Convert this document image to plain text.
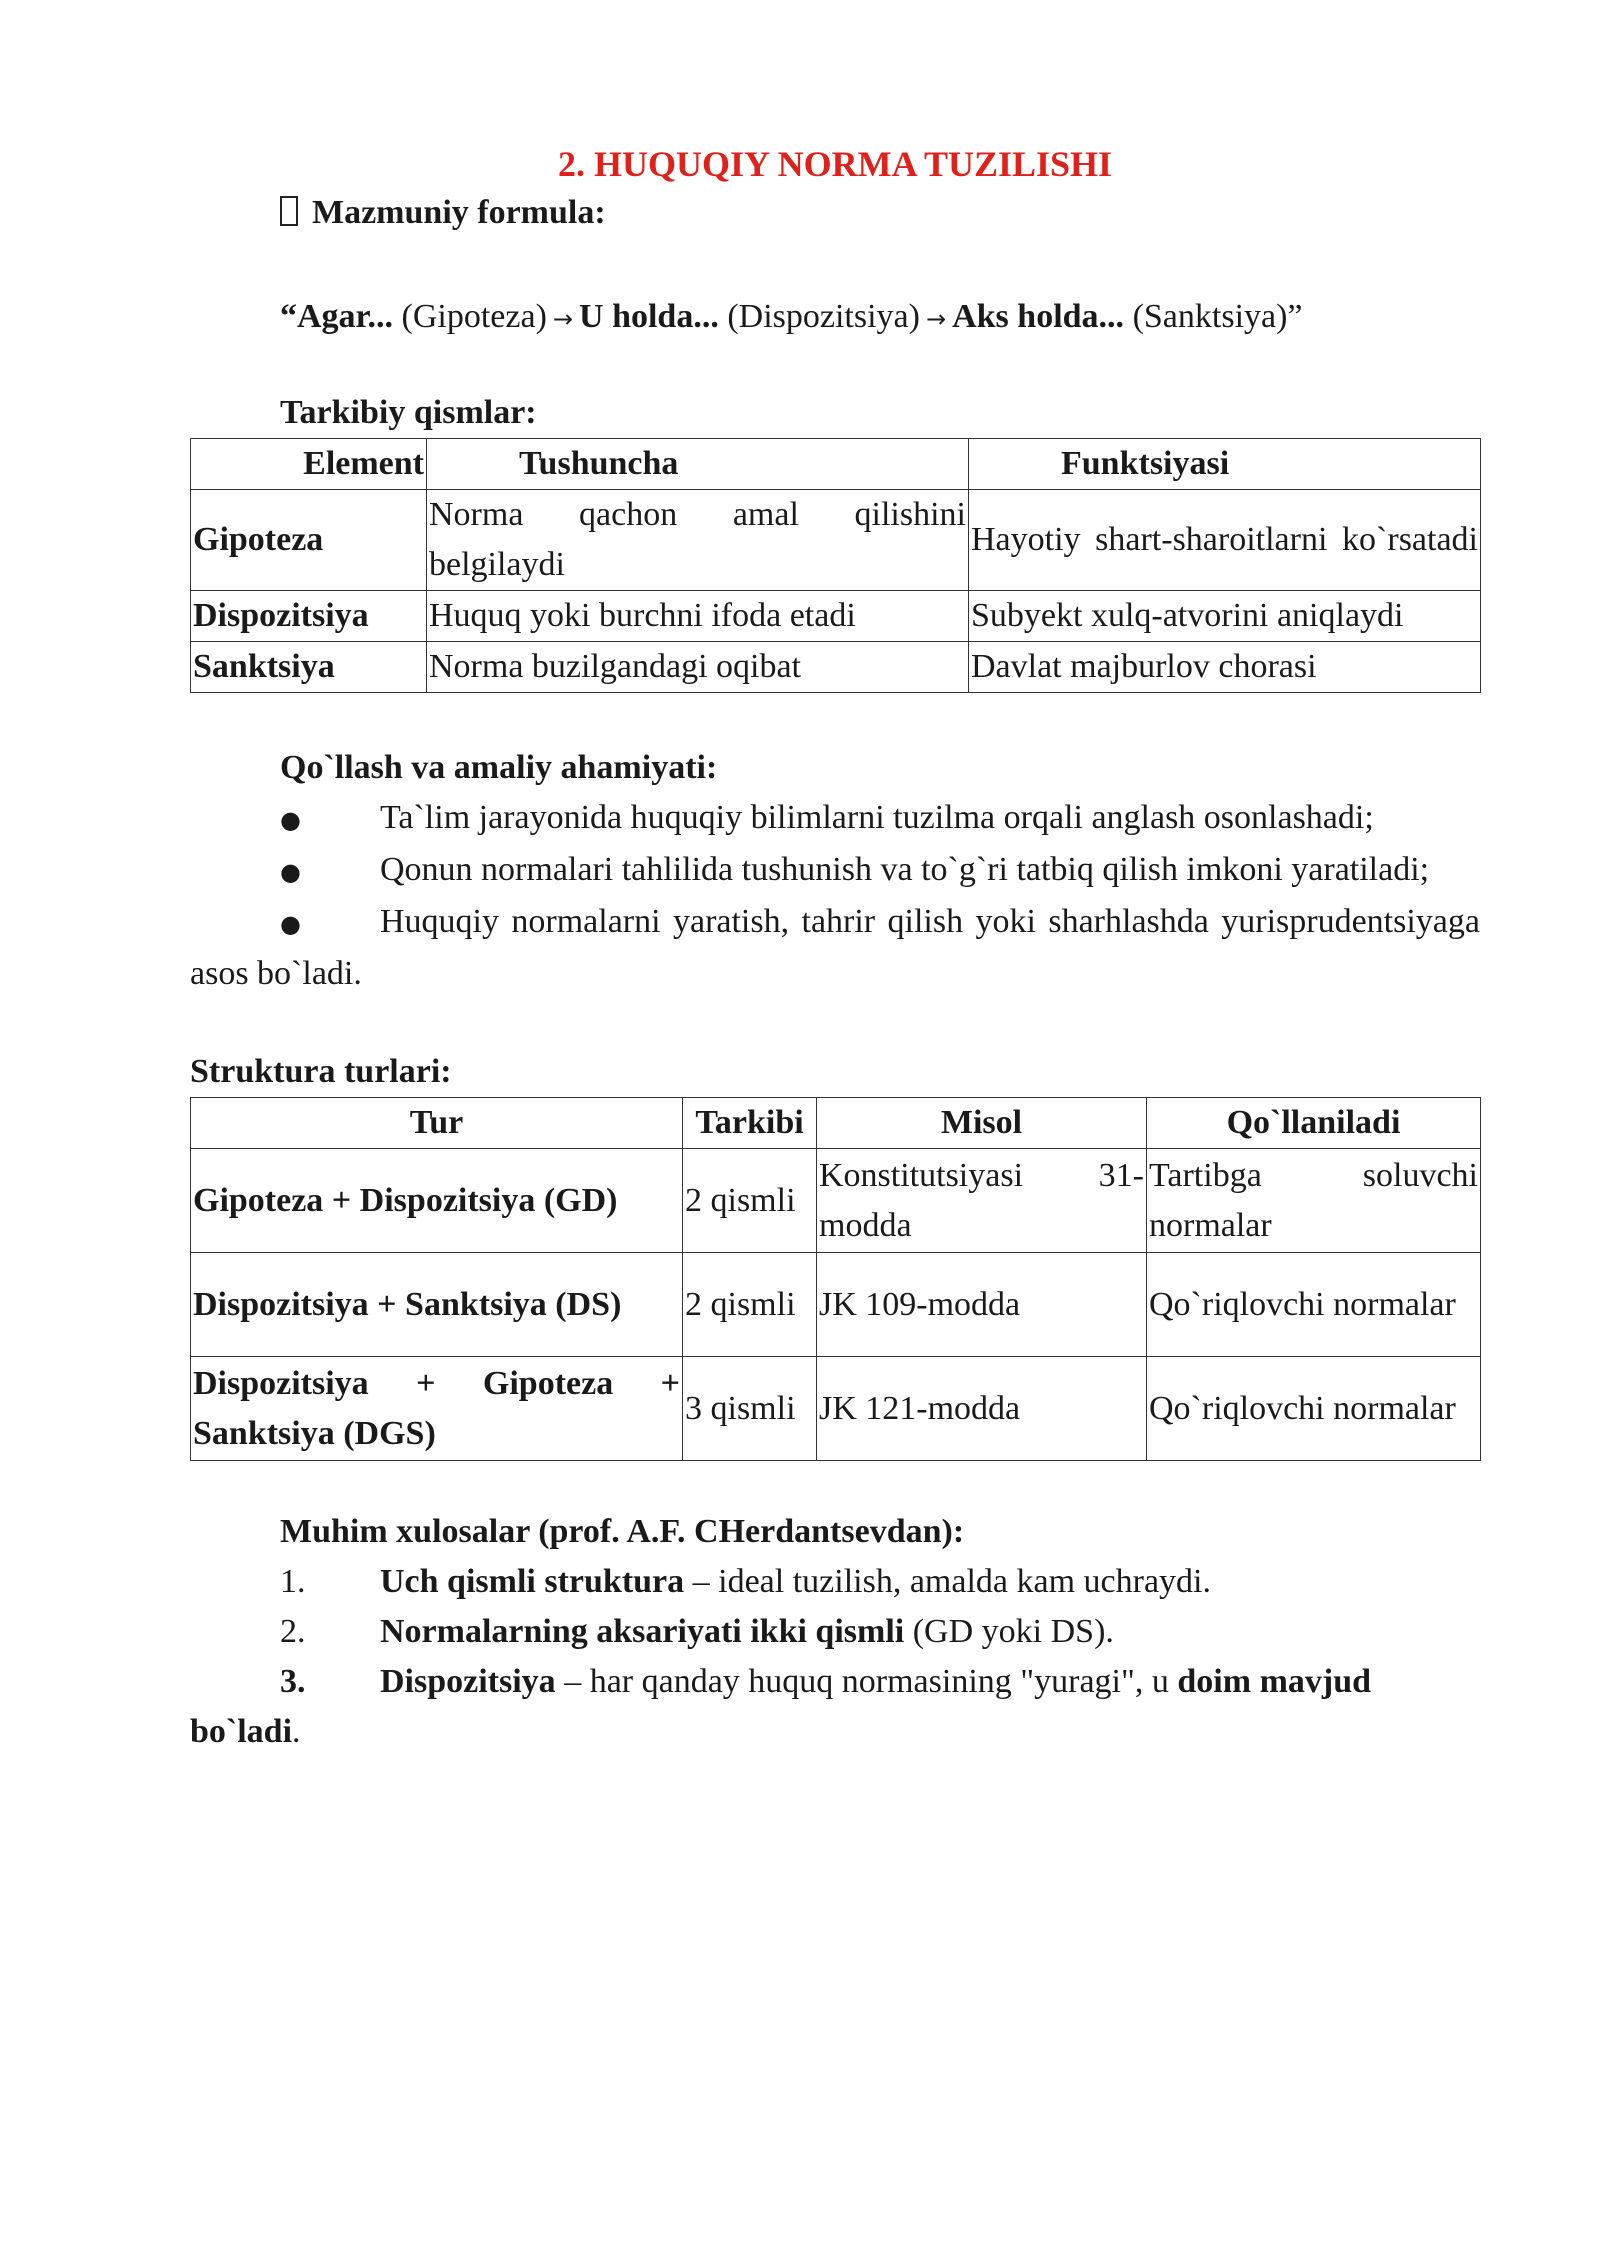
2. HUQUQIY NORMA TUZILISHI

Mazmuniy formula:

“Agar... (Gipoteza) → U holda... (Dispozitsiya) → Aks holda... (Sanktsiya)”

Tarkibiy qismlar:

Element	Tushuncha	Funktsiyasi
Gipoteza	Norma qachon amal qilishini belgilaydi	Hayotiy shart-sharoitlarni ko`rsatadi
Dispozitsiya	Huquq yoki burchni ifoda etadi	Subyekt xulq-atvorini aniqlaydi
Sanktsiya	Norma buzilgandagi oqibat	Davlat majburlov chorasi

Qo`llash va amaliy ahamiyati:

● Ta`lim jarayonida huquqiy bilimlarni tuzilma orqali anglash osonlashadi;
● Qonun normalari tahlilida tushunish va to`g`ri tatbiq qilish imkoni yaratiladi;
● Huquqiy normalarni yaratish, tahrir qilish yoki sharhlashda yurisprudentsiyaga asos bo`ladi.

Struktura turlari:

Tur	Tarkibi	Misol	Qo`llaniladi
Gipoteza + Dispozitsiya (GD)	2 qismli	Konstitutsiyasi 31-modda	Tartibga soluvchi normalar
Dispozitsiya + Sanktsiya (DS)	2 qismli	JK 109-modda	Qo`riqlovchi normalar
Dispozitsiya + Gipoteza + Sanktsiya (DGS)	3 qismli	JK 121-modda	Qo`riqlovchi normalar

Muhim xulosalar (prof. A.F. CHerdantsevdan):

1.	Uch qismli struktura – ideal tuzilish, amalda kam uchraydi.
2.	Normalarning aksariyati ikki qismli (GD yoki DS).
3. Dispozitsiya – har qanday huquq normasining "yuragi", u doim mavjud bo`ladi.
